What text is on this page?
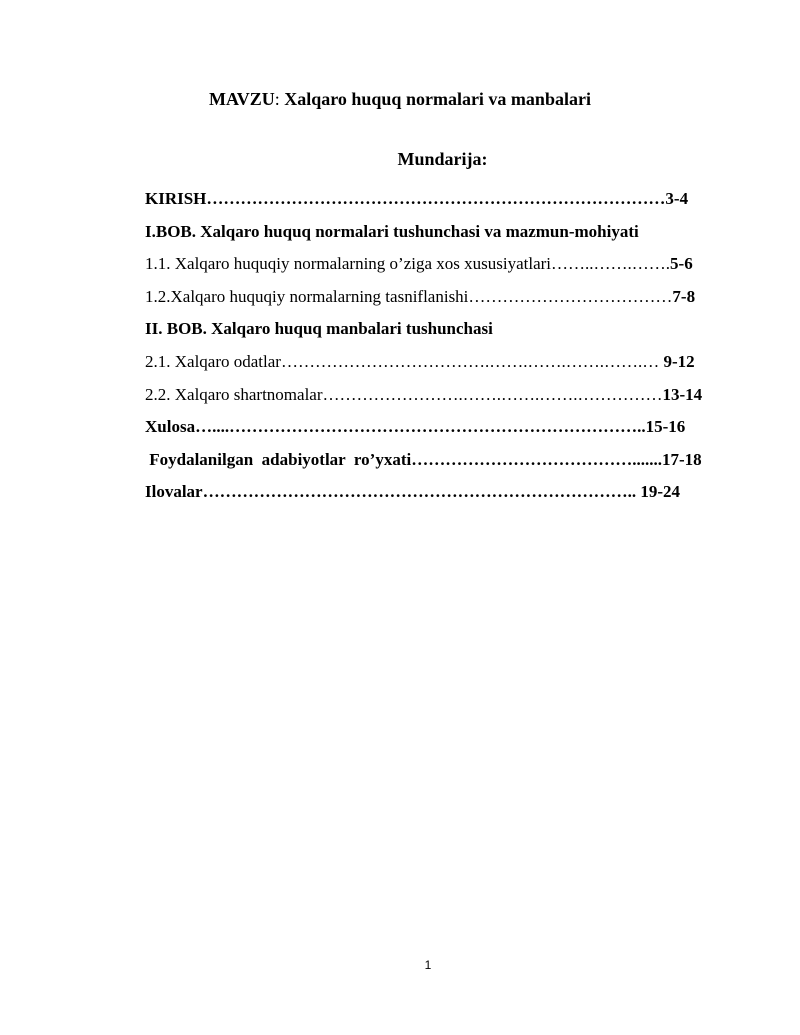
MAVZU: Xalqaro huquq normalari va manbalari
Mundarija:
KIRISH………………………………………………………………………3-4
I.BOB. Xalqaro huquq normalari tushunchasi va mazmun-mohiyati
1.1. Xalqaro huquqiy normalarning o’ziga xos xususiyatlari……..…….…….5-6
1.2.Xalqaro huquqiy normalarning tasniflanishi………………………………7-8
II. BOB. Xalqaro huquq manbalari tushunchasi
2.1. Xalqaro odatlar……………………………….…….…….…….…….… 9-12
2.2. Xalqaro shartnomalar…………………….…….…….…….……………13-14
Xulosa…....………………………………………………………………..15-16
Foydalanilgan  adabiyotlar  ro’yxati………………………………….......17-18
Ilovalar………………………………………………………………….. 19-24
1
